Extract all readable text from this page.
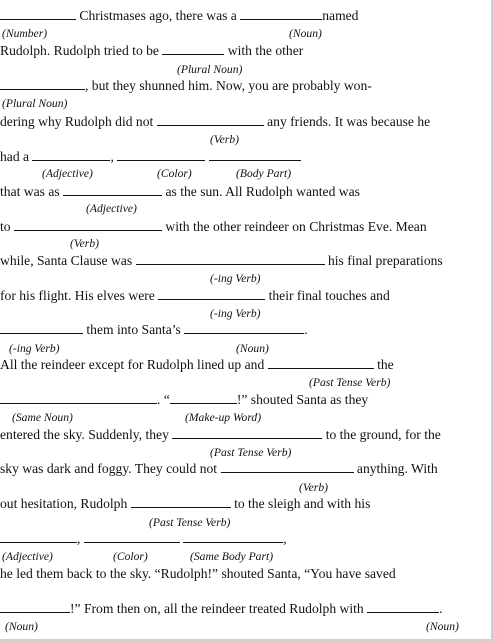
Christmases ago, there was a	named
(Number)	(Noun)
Rudolph. Rudolph tried to be	with the other
(Plural Noun)
, but they shunned him. Now, you are probably won-
(Plural Noun)
dering why Rudolph did not	any friends. It was because he
(Verb)
had a	,
(Adjective)	(Color)	(Body Part)
that was as	as the sun. All Rudolph wanted was
(Adjective)
to	with the other reindeer on Christmas Eve. Mean
(Verb)
while, Santa Clause was	his final preparations
(-ing Verb)
for his flight. His elves were	their final touches and
(-ing Verb)
them into Santa’s	.
(-ing Verb)	(Noun)
All the reindeer except for Rudolph lined up and	the
(Past Tense Verb)
. “	!” shouted Santa as they
(Same Noun)	(Make-up Word)
entered the sky. Suddenly, they	to the ground, for the
(Past Tense Verb)
sky was dark and foggy. They could not	anything. With
(Verb)
out hesitation, Rudolph	to the sleigh and with his
(Past Tense Verb)
,	,
(Adjective)	(Color)	(Same Body Part)
he led them back to the sky. “Rudolph!” shouted Santa, “You have saved
!” From then on, all the reindeer treated Rudolph with	.
(Noun)	(Noun)
